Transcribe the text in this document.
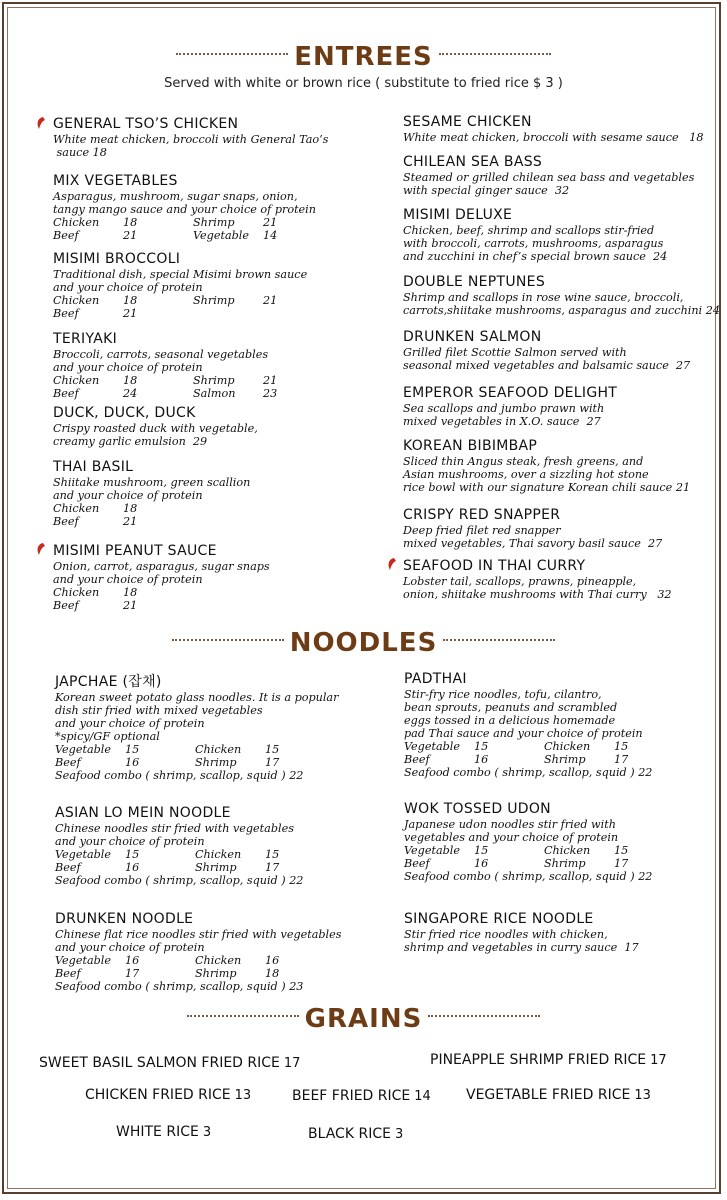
ENTREES
Served with white or brown rice ( substitute to fried rice $ 3 )
GENERAL TSO’S CHICKEN
White meat chicken, broccoli with General Tao’s
sauce 18
MIX VEGETABLES
Asparagus, mushroom, sugar snaps, onion,
tangy mango sauce and your choice of protein
Chicken 18	Shrimp	21
Beef	21	Vegetable 14
MISIMI BROCCOLI
Traditional dish, special Misimi brown sauce
and your choice of protein
Chicken 18	Shrimp	21
Beef	21
TERIYAKI
Broccoli, carrots, seasonal vegetables
and your choice of protein
Chicken 18	Shrimp	21
Beef	24	Salmon 23
DUCK, DUCK, DUCK
Crispy roasted duck with vegetable,
creamy garlic emulsion  29
THAI BASIL
Shiitake mushroom, green scallion
and your choice of protein
Chicken 18
Beef	21
MISIMI PEANUT SAUCE
Onion, carrot, asparagus, sugar snaps
and your choice of protein
Chicken 18
Beef	21
SESAME CHICKEN
White meat chicken, broccoli with sesame sauce   18
CHILEAN SEA BASS
Steamed or grilled chilean sea bass and vegetables
with special ginger sauce  32
MISIMI DELUXE
Chicken, beef, shrimp and scallops stir-fried
with broccoli, carrots, mushrooms, asparagus
and zucchini in chef’s special brown sauce  24
DOUBLE NEPTUNES
Shrimp and scallops in rose wine sauce, broccoli,
carrots,shiitake mushrooms, asparagus and zucchini 24
DRUNKEN SALMON
Grilled filet Scottie Salmon served with
seasonal mixed vegetables and balsamic sauce  27
EMPEROR SEAFOOD DELIGHT
Sea scallops and jumbo prawn with
mixed vegetables in X.O. sauce  27
KOREAN BIBIMBAP
Sliced thin Angus steak, fresh greens, and
Asian mushrooms, over a sizzling hot stone
rice bowl with our signature Korean chili sauce 21
CRISPY RED SNAPPER
Deep fried filet red snapper
mixed vegetables, Thai savory basil sauce  27
SEAFOOD IN THAI CURRY
Lobster tail, scallops, prawns, pineapple,
onion, shiitake mushrooms with Thai curry   32
NOODLES
JAPCHAE (잡채)
Korean sweet potato glass noodles. It is a popular
dish stir fried with mixed vegetables
and your choice of protein
*spicy/GF optional
Vegetable 15	Chicken 15
Beef	16	Shrimp	17
Seafood combo ( shrimp, scallop, squid ) 22
ASIAN LO MEIN NOODLE
Chinese noodles stir fried with vegetables
and your choice of protein
Vegetable 15	Chicken 15
Beef	16	Shrimp	17
Seafood combo ( shrimp, scallop, squid ) 22
DRUNKEN NOODLE
Chinese flat rice noodles stir fried with vegetables
and your choice of protein
Vegetable 16	Chicken 16
Beef	17	Shrimp	18
Seafood combo ( shrimp, scallop, squid ) 23
PADTHAI
Stir-fry rice noodles, tofu, cilantro,
bean sprouts, peanuts and scrambled
eggs tossed in a delicious homemade
pad Thai sauce and your choice of protein
Vegetable 15	Chicken 15
Beef	16	Shrimp	17
Seafood combo ( shrimp, scallop, squid ) 22
WOK TOSSED UDON
Japanese udon noodles stir fried with
vegetables and your choice of protein
Vegetable 15	Chicken 15
Beef	16	Shrimp	17
Seafood combo ( shrimp, scallop, squid ) 22
SINGAPORE RICE NOODLE
Stir fried rice noodles with chicken,
shrimp and vegetables in curry sauce  17
GRAINS
SWEET BASIL SALMON FRIED RICE 17	PINEAPPLE SHRIMP FRIED RICE 17
CHICKEN FRIED RICE 13	BEEF FRIED RICE 14	VEGETABLE FRIED RICE 13
WHITE RICE 3	BLACK RICE 3
